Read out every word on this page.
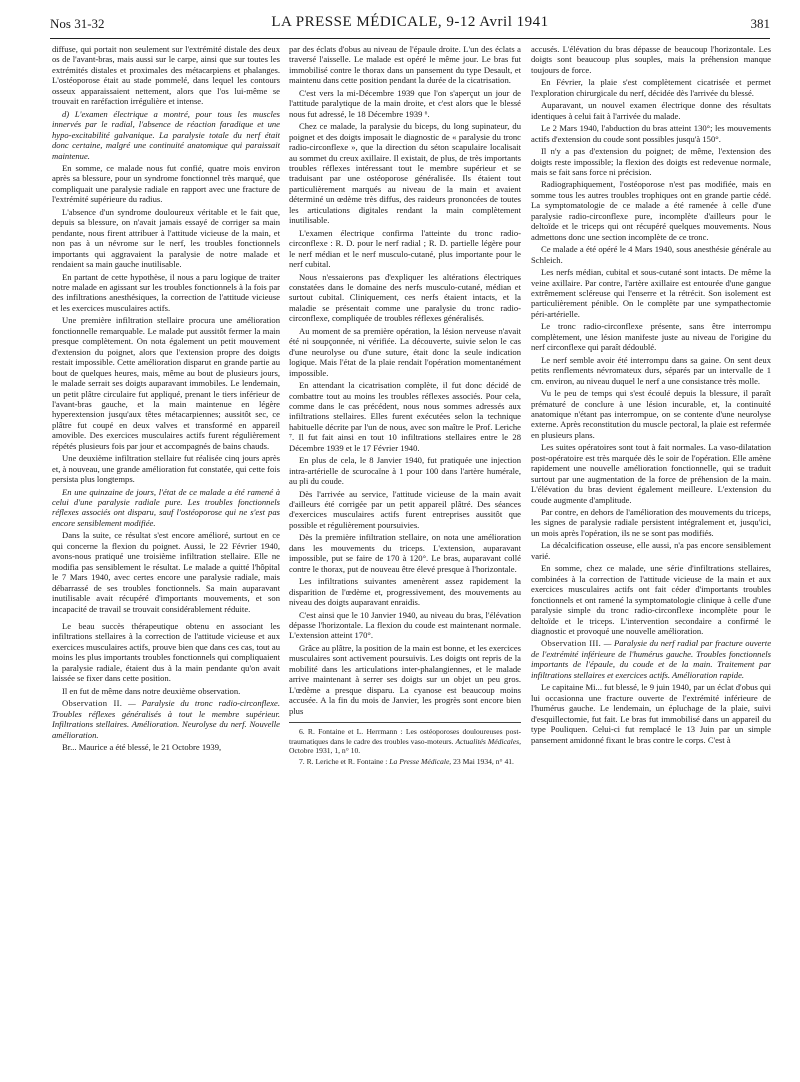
Nos 31-32	LA PRESSE MÉDICALE, 9-12 Avril 1941	381

diffuse, qui portait non seulement sur l'extrémité distale des deux os de l'avant-bras, mais aussi sur le carpe, ainsi que sur toutes les extrémités distales et proximales des métacarpiens et phalanges. L'ostéoporose était au stade pommelé, dans lequel les contours osseux apparaissaient nettement, alors que l'os lui-même se trouvait en raréfaction irrégulière et intense.

d) L'examen électrique a montré, pour tous les muscles innervés par le radial, l'absence de réaction faradique et une hypo-excitabilité galvanique. La paralysie totale du nerf était donc certaine, malgré une continuité anatomique qui paraissait maintenue.

En somme, ce malade nous fut confié, quatre mois environ après sa blessure, pour un syndrome fonctionnel très marqué, que compliquait une paralysie radiale en rapport avec une fracture de l'extrémité supérieure du radius.

L'absence d'un syndrome douloureux véritable et le fait que, depuis sa blessure, on n'avait jamais essayé de corriger sa main pendante, nous firent attribuer à l'attitude vicieuse de la main, et non pas à un névrome sur le nerf, les troubles fonctionnels importants qui aggravaient la paralysie de notre malade et rendaient sa main gauche inutilisable.

En partant de cette hypothèse, il nous a paru logique de traiter notre malade en agissant sur les troubles fonctionnels à la fois par des infiltrations anesthésiques, la correction de l'attitude vicieuse et les exercices musculaires actifs.

Une première infiltration stellaire procura une amélioration fonctionnelle remarquable. Le malade put aussitôt fermer la main presque complètement. On nota également un petit mouvement d'extension du poignet, alors que l'extension propre des doigts restait impossible. Cette amélioration disparut en grande partie au bout de quelques heures, mais, même au bout de plusieurs jours, le malade serrait ses doigts auparavant immobiles. Le lendemain, un petit plâtre circulaire fut appliqué, prenant le tiers inférieur de l'avant-bras gauche, et la main maintenue en légère hyperextension jusqu'aux têtes métacarpiennes; aussitôt sec, ce plâtre fut coupé en deux valves et transformé en appareil amovible. Des exercices musculaires actifs furent régulièrement répétés plusieurs fois par jour et accompagnés de bains chauds.

Une deuxième infiltration stellaire fut réalisée cinq jours après et, à nouveau, une grande amélioration fut constatée, qui cette fois persista plus longtemps.

En une quinzaine de jours, l'état de ce malade a été ramené à celui d'une paralysie radiale pure. Les troubles fonctionnels réflexes associés ont disparu, sauf l'ostéoporose qui ne s'est pas encore sensiblement modifiée.

Dans la suite, ce résultat s'est encore amélioré, surtout en ce qui concerne la flexion du poignet. Aussi, le 22 Février 1940, avons-nous pratiqué une troisième infiltration stellaire. Elle ne modifia pas sensiblement le résultat. Le malade a quitté l'hôpital le 7 Mars 1940, avec certes encore une paralysie radiale, mais débarrassé de ses troubles fonctionnels. Sa main auparavant inutilisable avait récupéré d'importants mouvements, et son incapacité de travail se trouvait considérablement réduite.

Le beau succès thérapeutique obtenu en associant les infiltrations stellaires à la correction de l'attitude vicieuse et aux exercices musculaires actifs, prouve bien que dans ces cas, tout au moins les plus importants troubles fonctionnels qui compliquaient la paralysie radiale, étaient dus à la main pendante qu'on avait laissée se fixer dans cette position.

Il en fut de même dans notre deuxième observation.

Observation II. — Paralysie du tronc radio-circonflexe. Troubles réflexes généralisés à tout le membre supérieur. Infiltrations stellaires. Amélioration. Neurolyse du nerf. Nouvelle amélioration.

Br... Maurice a été blessé, le 21 Octobre 1939,

par des éclats d'obus au niveau de l'épaule droite. L'un des éclats a traversé l'aisselle. Le malade est opéré le même jour. Le bras fut immobilisé contre le thorax dans un pansement du type Desault, et maintenu dans cette position pendant la durée de la cicatrisation.

C'est vers la mi-Décembre 1939 que l'on s'aperçut un jour de l'attitude paralytique de la main droite, et c'est alors que le blessé nous fut adressé, le 18 Décembre 1939 ⁶.

Chez ce malade, la paralysie du biceps, du long supinateur, du poignet et des doigts imposait le diagnostic de « paralysie du tronc radio-circonflexe », que la direction du séton scapulaire localisait au sommet du creux axillaire. Il existait, de plus, de très importants troubles réflexes intéressant tout le membre supérieur et se traduisant par une ostéoporose généralisée. Ils étaient tout particulièrement marqués au niveau de la main et avaient déterminé un œdème très diffus, des raideurs prononcées de toutes les articulations digitales rendant la main complètement inutilisable.

L'examen électrique confirma l'atteinte du tronc radio-circonflexe : R. D. pour le nerf radial ; R. D. partielle légère pour le nerf médian et le nerf musculo-cutané, plus importante pour le nerf cubital.

Nous n'essaierons pas d'expliquer les altérations électriques constatées dans le domaine des nerfs musculo-cutané, médian et surtout cubital. Cliniquement, ces nerfs étaient intacts, et la maladie se présentait comme une paralysie du tronc radio-circonflexe, compliquée de troubles réflexes généralisés.

Au moment de sa première opération, la lésion nerveuse n'avait été ni soupçonnée, ni vérifiée. La découverte, suivie selon le cas d'une neurolyse ou d'une suture, était donc la seule indication logique. Mais l'état de la plaie rendait l'opération momentanément impossible.

En attendant la cicatrisation complète, il fut donc décidé de combattre tout au moins les troubles réflexes associés. Pour cela, comme dans le cas précédent, nous nous sommes adressés aux infiltrations stellaires. Elles furent exécutées selon la technique habituelle décrite par l'un de nous, avec son maître le Prof. Leriche ⁷. Il fut fait ainsi en tout 10 infiltrations stellaires entre le 28 Décembre 1939 et le 17 Février 1940.

En plus de cela, le 8 Janvier 1940, fut pratiquée une injection intra-artérielle de scurocaïne à 1 pour 100 dans l'artère humérale, au pli du coude.

Dès l'arrivée au service, l'attitude vicieuse de la main avait d'ailleurs été corrigée par un petit appareil plâtré. Des séances d'exercices musculaires actifs furent entreprises aussitôt que possible et régulièrement poursuivies.

Dès la première infiltration stellaire, on nota une amélioration dans les mouvements du triceps. L'extension, auparavant impossible, put se faire de 170 à 120°. Le bras, auparavant collé contre le thorax, put de nouveau être élevé presque à l'horizontale.

Les infiltrations suivantes amenèrent assez rapidement la disparition de l'œdème et, progressivement, des mouvements au niveau des doigts auparavant enraidis.

C'est ainsi que le 10 Janvier 1940, au niveau du bras, l'élévation dépasse l'horizontale. La flexion du coude est maintenant normale. L'extension atteint 170°.

Grâce au plâtre, la position de la main est bonne, et les exercices musculaires sont activement poursuivis. Les doigts ont repris de la mobilité dans les articulations inter-phalangiennes, et le malade arrive maintenant à serrer ses doigts sur un objet un peu gros. L'œdème a presque disparu. La cyanose est beaucoup moins accusée. A la fin du mois de Janvier, les progrès sont encore bien plus

6. R. Fontaine et L. Herrmann : Les ostéoporoses douloureuses post-traumatiques dans le cadre des troubles vaso-moteurs. Actualités Médicales, Octobre 1931, 1, n° 10.

7. R. Leriche et R. Fontaine : La Presse Médicale, 23 Mai 1934, n° 41.

accusés. L'élévation du bras dépasse de beaucoup l'horizontale. Les doigts sont beaucoup plus souples, mais la préhension manque toujours de force.

En Février, la plaie s'est complètement cicatrisée et permet l'exploration chirurgicale du nerf, décidée dès l'arrivée du blessé.

Auparavant, un nouvel examen électrique donne des résultats identiques à celui fait à l'arrivée du malade.

Le 2 Mars 1940, l'abduction du bras atteint 130°; les mouvements actifs d'extension du coude sont possibles jusqu'à 150°.

Il n'y a pas d'extension du poignet; de même, l'extension des doigts reste impossible; la flexion des doigts est redevenue normale, mais se fait sans force ni précision.

Radiographiquement, l'ostéoporose n'est pas modifiée, mais en somme tous les autres troubles trophiques ont en grande partie cédé. La symptomatologie de ce malade a été ramenée à celle d'une paralysie radio-circonflexe pure, incomplète d'ailleurs pour le deltoïde et le triceps qui ont récupéré quelques mouvements. Nous admettons donc une section incomplète de ce tronc.

Ce malade a été opéré le 4 Mars 1940, sous anesthésie générale au Schleich.

Les nerfs médian, cubital et sous-cutané sont intacts. De même la veine axillaire. Par contre, l'artère axillaire est entourée d'une gangue extrêmement scléreuse qui l'enserre et la rétrécit. Son isolement est particulièrement pénible. On le complète par une sympathectomie péri-artérielle.

Le tronc radio-circonflexe présente, sans être interrompu complètement, une lésion manifeste juste au niveau de l'origine du nerf circonflexe qui paraît dédoublé.

Le nerf semble avoir été interrompu dans sa gaine. On sent deux petits renflements névromateux durs, séparés par un intervalle de 1 cm. environ, au niveau duquel le nerf a une consistance très molle.

Vu le peu de temps qui s'est écoulé depuis la blessure, il paraît prématuré de conclure à une lésion incurable, et, la continuité anatomique n'étant pas interrompue, on se contente d'une neurolyse externe. Après reconstitution du muscle pectoral, la plaie est refermée en plusieurs plans.

Les suites opératoires sont tout à fait normales. La vaso-dilatation post-opératoire est très marquée dès le soir de l'opération. Elle amène rapidement une nouvelle amélioration fonctionnelle, qui se traduit surtout par une augmentation de la force de préhension de la main. L'élévation du bras devient également meilleure. L'extension du coude augmente d'amplitude.

Par contre, en dehors de l'amélioration des mouvements du triceps, les signes de paralysie radiale persistent intégralement et, jusqu'ici, un mois après l'opération, ils ne se sont pas modifiés.

La décalcification osseuse, elle aussi, n'a pas encore sensiblement varié.

En somme, chez ce malade, une série d'infiltrations stellaires, combinées à la correction de l'attitude vicieuse de la main et aux exercices musculaires actifs ont fait céder d'importants troubles fonctionnels et ont ramené la symptomatologie clinique à celle d'une paralysie simple du tronc radio-circonflexe incomplète pour le deltoïde et le triceps. L'intervention secondaire a confirmé le diagnostic et provoqué une nouvelle amélioration.

Observation III. — Paralysie du nerf radial par fracture ouverte de l'extrémité inférieure de l'humérus gauche. Troubles fonctionnels importants de l'épaule, du coude et de la main. Traitement par infiltrations stellaires et exercices actifs. Amélioration rapide.

Le capitaine Mi... fut blessé, le 9 juin 1940, par un éclat d'obus qui lui occasionna une fracture ouverte de l'extrémité inférieure de l'humérus gauche. Le lendemain, un épluchage de la plaie, suivi d'esquillectomie, fut fait. Le bras fut immobilisé dans un appareil du type Pouliquen. Celui-ci fut remplacé le 13 Juin par un simple pansement amidonné fixant le bras contre le corps. C'est à
